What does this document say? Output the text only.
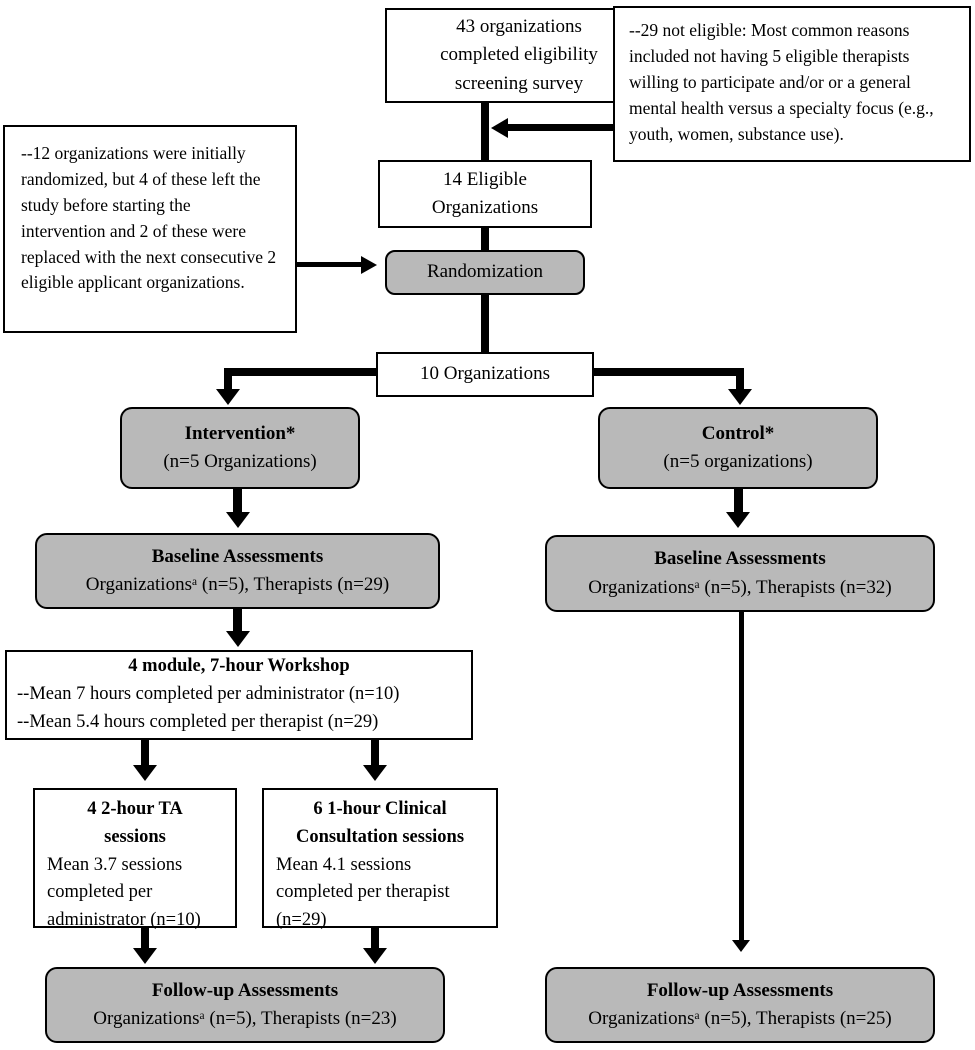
43 organizations completed eligibility screening survey
--29 not eligible: Most common reasons included not having 5 eligible therapists willing to participate and/or or a general mental health versus a specialty focus (e.g., youth, women, substance use).
--12 organizations were initially randomized, but 4 of these left the study before starting the intervention and 2 of these were replaced with the next consecutive 2 eligible applicant organizations.
14 Eligible Organizations
Randomization
10 Organizations
Intervention*
(n=5 Organizations)
Control*
(n=5 organizations)
Baseline Assessments
Organizationsᵃ (n=5), Therapists (n=29)
Baseline Assessments
Organizationsᵃ (n=5), Therapists (n=32)
4 module, 7-hour Workshop
--Mean 7 hours completed per administrator (n=10)
--Mean 5.4 hours completed per therapist (n=29)
4 2-hour TA sessions
Mean 3.7 sessions completed per administrator (n=10)
6 1-hour Clinical Consultation sessions
Mean 4.1 sessions completed per therapist (n=29)
Follow-up Assessments
Organizationsᵃ (n=5), Therapists (n=23)
Follow-up Assessments
Organizationsᵃ (n=5), Therapists (n=25)
